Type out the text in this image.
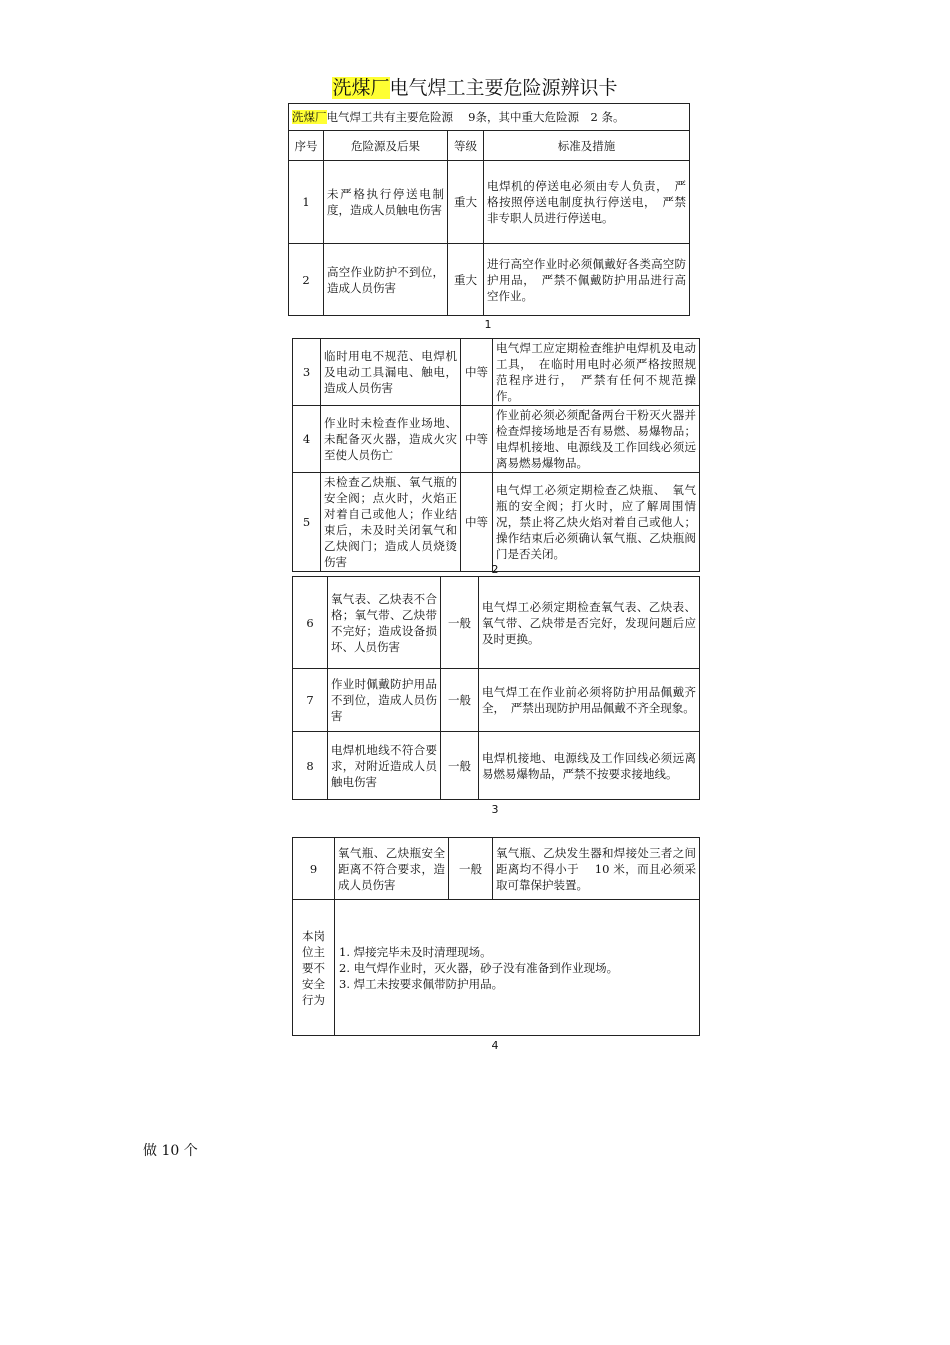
洗煤厂电气焊工主要危险源辨识卡
洗煤厂电气焊工共有主要危险源　 9条，其中重大危险源　2 条。			
序号	危险源及后果	等级	标准及措施
1	未严格执行停送电制度，造成人员触电伤害	重大	电焊机的停送电必须由专人负责，　严格按照停送电制度执行停送电，　严禁非专职人员进行停送电。
2	高空作业防护不到位，造成人员伤害	重大	进行高空作业时必须佩戴好各类高空防护用品，　严禁不佩戴防护用品进行高空作业。
1
3	临时用电不规范、电焊机及电动工具漏电、触电，造成人员伤害	中等	电气焊工应定期检查维护电焊机及电动工具，　在临时用电时必须严格按照规范程序进行，　严禁有任何不规范操作。
4	作业时未检查作业场地、未配备灭火器，造成火灾至使人员伤亡	中等	作业前必须必须配备两台干粉灭火器并检查焊接场地是否有易燃、易爆物品；电焊机接地、电源线及工作回线必须远离易燃易爆物品。
5	未检查乙炔瓶、氧气瓶的安全阀；点火时，火焰正对着自己或他人；作业结束后，未及时关闭氧气和乙炔阀门；造成人员烧烫伤害	中等	电气焊工必须定期检查乙炔瓶、　氧气瓶的安全阀；打火时，应了解周围情况，禁止将乙炔火焰对着自己或他人；操作结束后必须确认氧气瓶、乙炔瓶阀门是否关闭。
2
6	氧气表、乙炔表不合格；氧气带、乙炔带不完好；造成设备损坏、人员伤害	一般	电气焊工必须定期检查氧气表、乙炔表、氧气带、乙炔带是否完好，发现问题后应及时更换。
7	作业时佩戴防护用品不到位，造成人员伤害	一般	电气焊工在作业前必须将防护用品佩戴齐全，　严禁出现防护用品佩戴不齐全现象。
8	电焊机地线不符合要求，对附近造成人员触电伤害	一般	电焊机接地、电源线及工作回线必须远离易燃易爆物品，严禁不按要求接地线。
3
9	氧气瓶、乙炔瓶安全距离不符合要求，造成人员伤害	一般	氧气瓶、乙炔发生器和焊接处三者之间距离均不得小于　 10 米，而且必须采取可靠保护装置。
本岗位主要不安全行为	1. 焊接完毕未及时清理现场。
2. 电气焊作业时，灭火器，砂子没有准备到作业现场。
3. 焊工未按要求佩带防护用品。		
4
做 10 个
